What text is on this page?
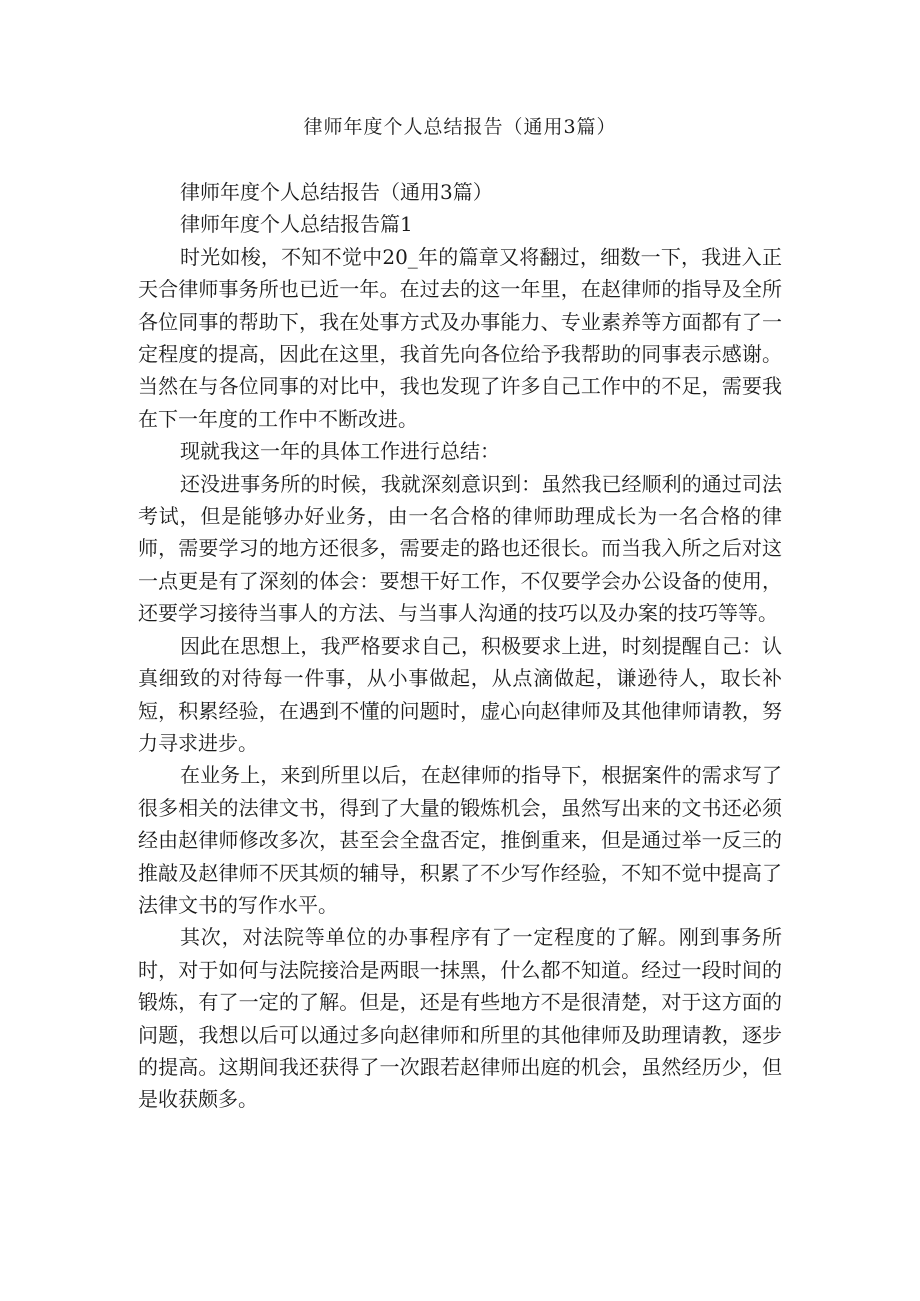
律师年度个人总结报告（通用3篇）

律师年度个人总结报告（通用3篇）

律师年度个人总结报告篇1

时光如梭，不知不觉中20_年的篇章又将翻过，细数一下，我进入正天合律师事务所也已近一年。在过去的这一年里，在赵律师的指导及全所各位同事的帮助下，我在处事方式及办事能力、专业素养等方面都有了一定程度的提高，因此在这里，我首先向各位给予我帮助的同事表示感谢。当然在与各位同事的对比中，我也发现了许多自己工作中的不足，需要我在下一年度的工作中不断改进。

现就我这一年的具体工作进行总结：

还没进事务所的时候，我就深刻意识到：虽然我已经顺利的通过司法考试，但是能够办好业务，由一名合格的律师助理成长为一名合格的律师，需要学习的地方还很多，需要走的路也还很长。而当我入所之后对这一点更是有了深刻的体会：要想干好工作，不仅要学会办公设备的使用，还要学习接待当事人的方法、与当事人沟通的技巧以及办案的技巧等等。

因此在思想上，我严格要求自己，积极要求上进，时刻提醒自己：认真细致的对待每一件事，从小事做起，从点滴做起，谦逊待人，取长补短，积累经验，在遇到不懂的问题时，虚心向赵律师及其他律师请教，努力寻求进步。

在业务上，来到所里以后，在赵律师的指导下，根据案件的需求写了很多相关的法律文书，得到了大量的锻炼机会，虽然写出来的文书还必须经由赵律师修改多次，甚至会全盘否定，推倒重来，但是通过举一反三的推敲及赵律师不厌其烦的辅导，积累了不少写作经验，不知不觉中提高了法律文书的写作水平。

其次，对法院等单位的办事程序有了一定程度的了解。刚到事务所时，对于如何与法院接洽是两眼一抹黑，什么都不知道。经过一段时间的锻炼，有了一定的了解。但是，还是有些地方不是很清楚，对于这方面的问题，我想以后可以通过多向赵律师和所里的其他律师及助理请教，逐步的提高。这期间我还获得了一次跟若赵律师出庭的机会，虽然经历少，但是收获颇多。
